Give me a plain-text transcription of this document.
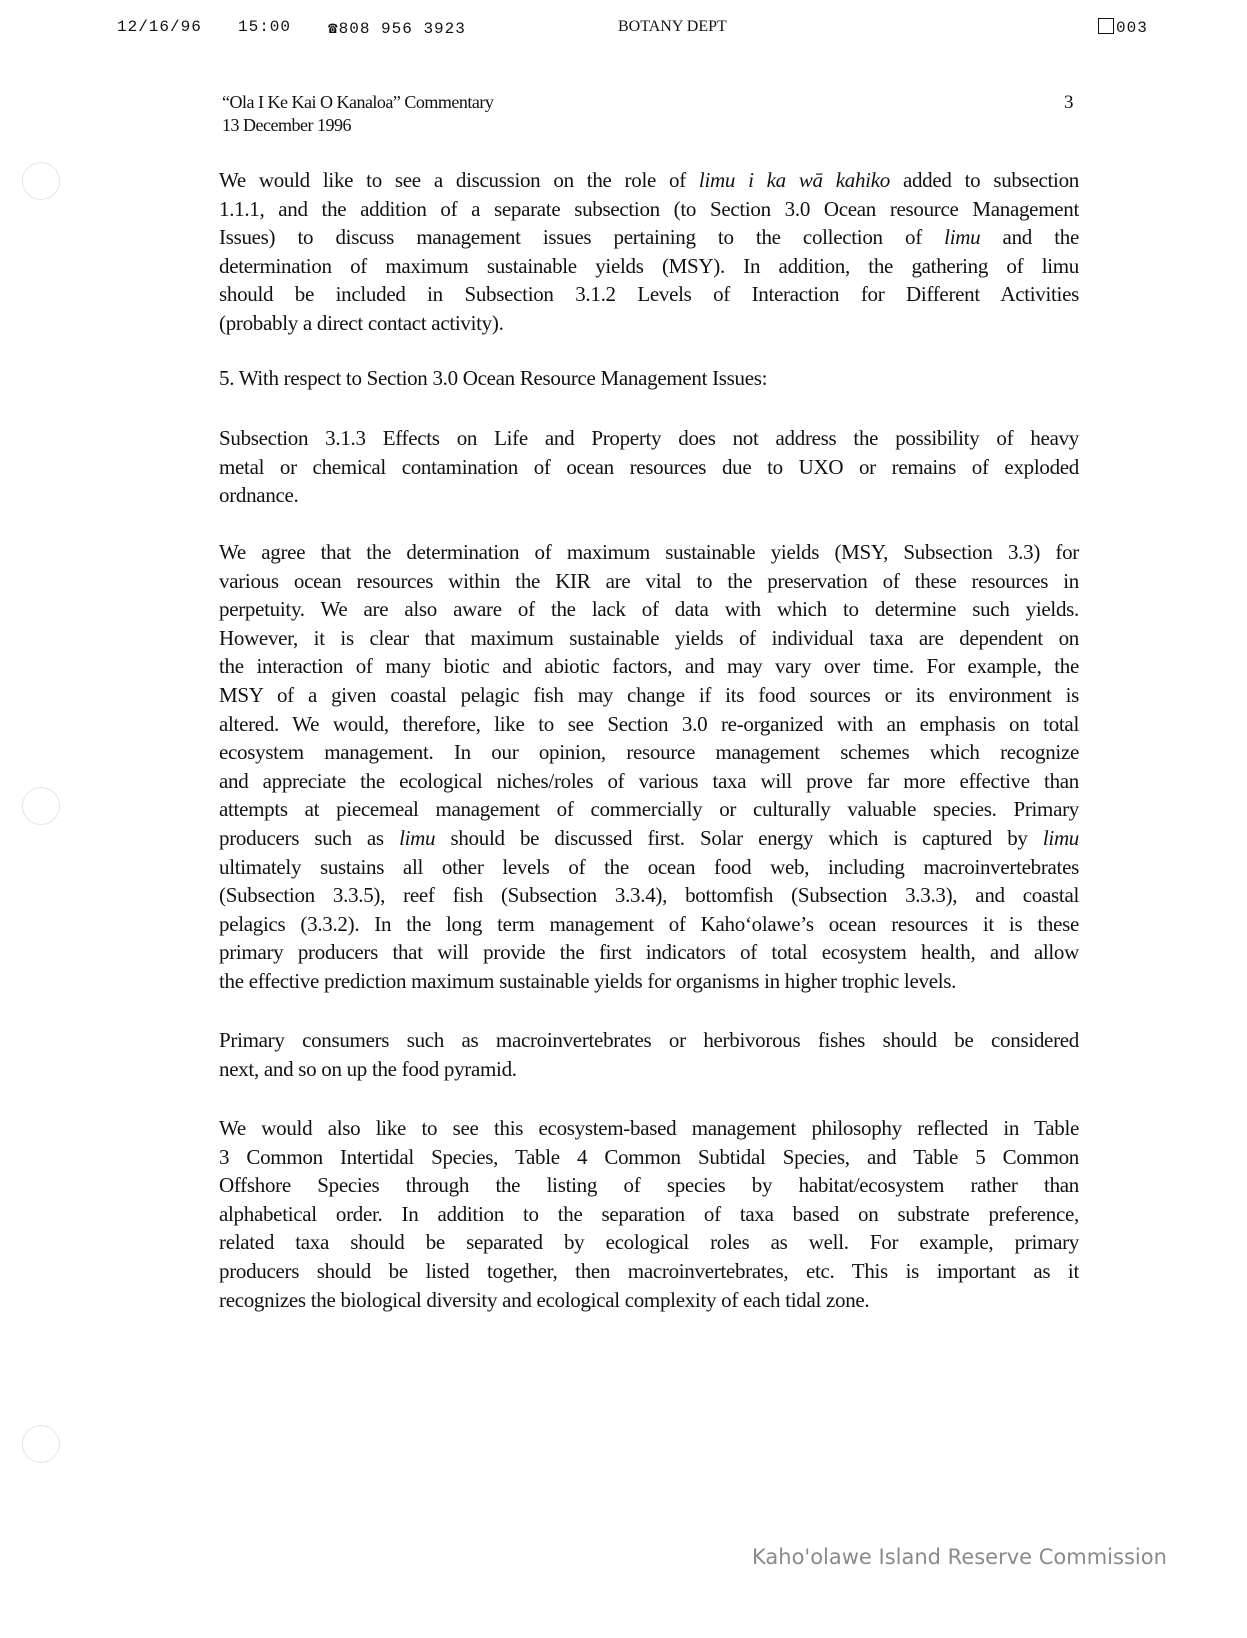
12/16/96 15:00 ☎808 956 3923	BOTANY DEPT	003
“Ola I Ke Kai O Kanaloa” Commentary
13 December 1996
3
We would like to see a discussion on the role of limu i ka wā kahiko added to subsection
1.1.1, and the addition of a separate subsection (to Section 3.0 Ocean resource Management
Issues) to discuss management issues pertaining to the collection of limu and the
determination of maximum sustainable yields (MSY). In addition, the gathering of limu
should be included in Subsection 3.1.2 Levels of Interaction for Different Activities
(probably a direct contact activity).
5. With respect to Section 3.0 Ocean Resource Management Issues:
Subsection 3.1.3 Effects on Life and Property does not address the possibility of heavy
metal or chemical contamination of ocean resources due to UXO or remains of exploded
ordnance.
We agree that the determination of maximum sustainable yields (MSY, Subsection 3.3) for
various ocean resources within the KIR are vital to the preservation of these resources in
perpetuity. We are also aware of the lack of data with which to determine such yields.
However, it is clear that maximum sustainable yields of individual taxa are dependent on
the interaction of many biotic and abiotic factors, and may vary over time. For example, the
MSY of a given coastal pelagic fish may change if its food sources or its environment is
altered. We would, therefore, like to see Section 3.0 re-organized with an emphasis on total
ecosystem management. In our opinion, resource management schemes which recognize
and appreciate the ecological niches/roles of various taxa will prove far more effective than
attempts at piecemeal management of commercially or culturally valuable species. Primary
producers such as limu should be discussed first. Solar energy which is captured by limu
ultimately sustains all other levels of the ocean food web, including macroinvertebrates
(Subsection 3.3.5), reef fish (Subsection 3.3.4), bottomfish (Subsection 3.3.3), and coastal
pelagics (3.3.2). In the long term management of Kaho‘olawe’s ocean resources it is these
primary producers that will provide the first indicators of total ecosystem health, and allow
the effective prediction maximum sustainable yields for organisms in higher trophic levels.
Primary consumers such as macroinvertebrates or herbivorous fishes should be considered
next, and so on up the food pyramid.
We would also like to see this ecosystem-based management philosophy reflected in Table
3 Common Intertidal Species, Table 4 Common Subtidal Species, and Table 5 Common
Offshore Species through the listing of species by habitat/ecosystem rather than
alphabetical order. In addition to the separation of taxa based on substrate preference,
related taxa should be separated by ecological roles as well. For example, primary
producers should be listed together, then macroinvertebrates, etc. This is important as it
recognizes the biological diversity and ecological complexity of each tidal zone.
Kaho'olawe Island Reserve Commission
